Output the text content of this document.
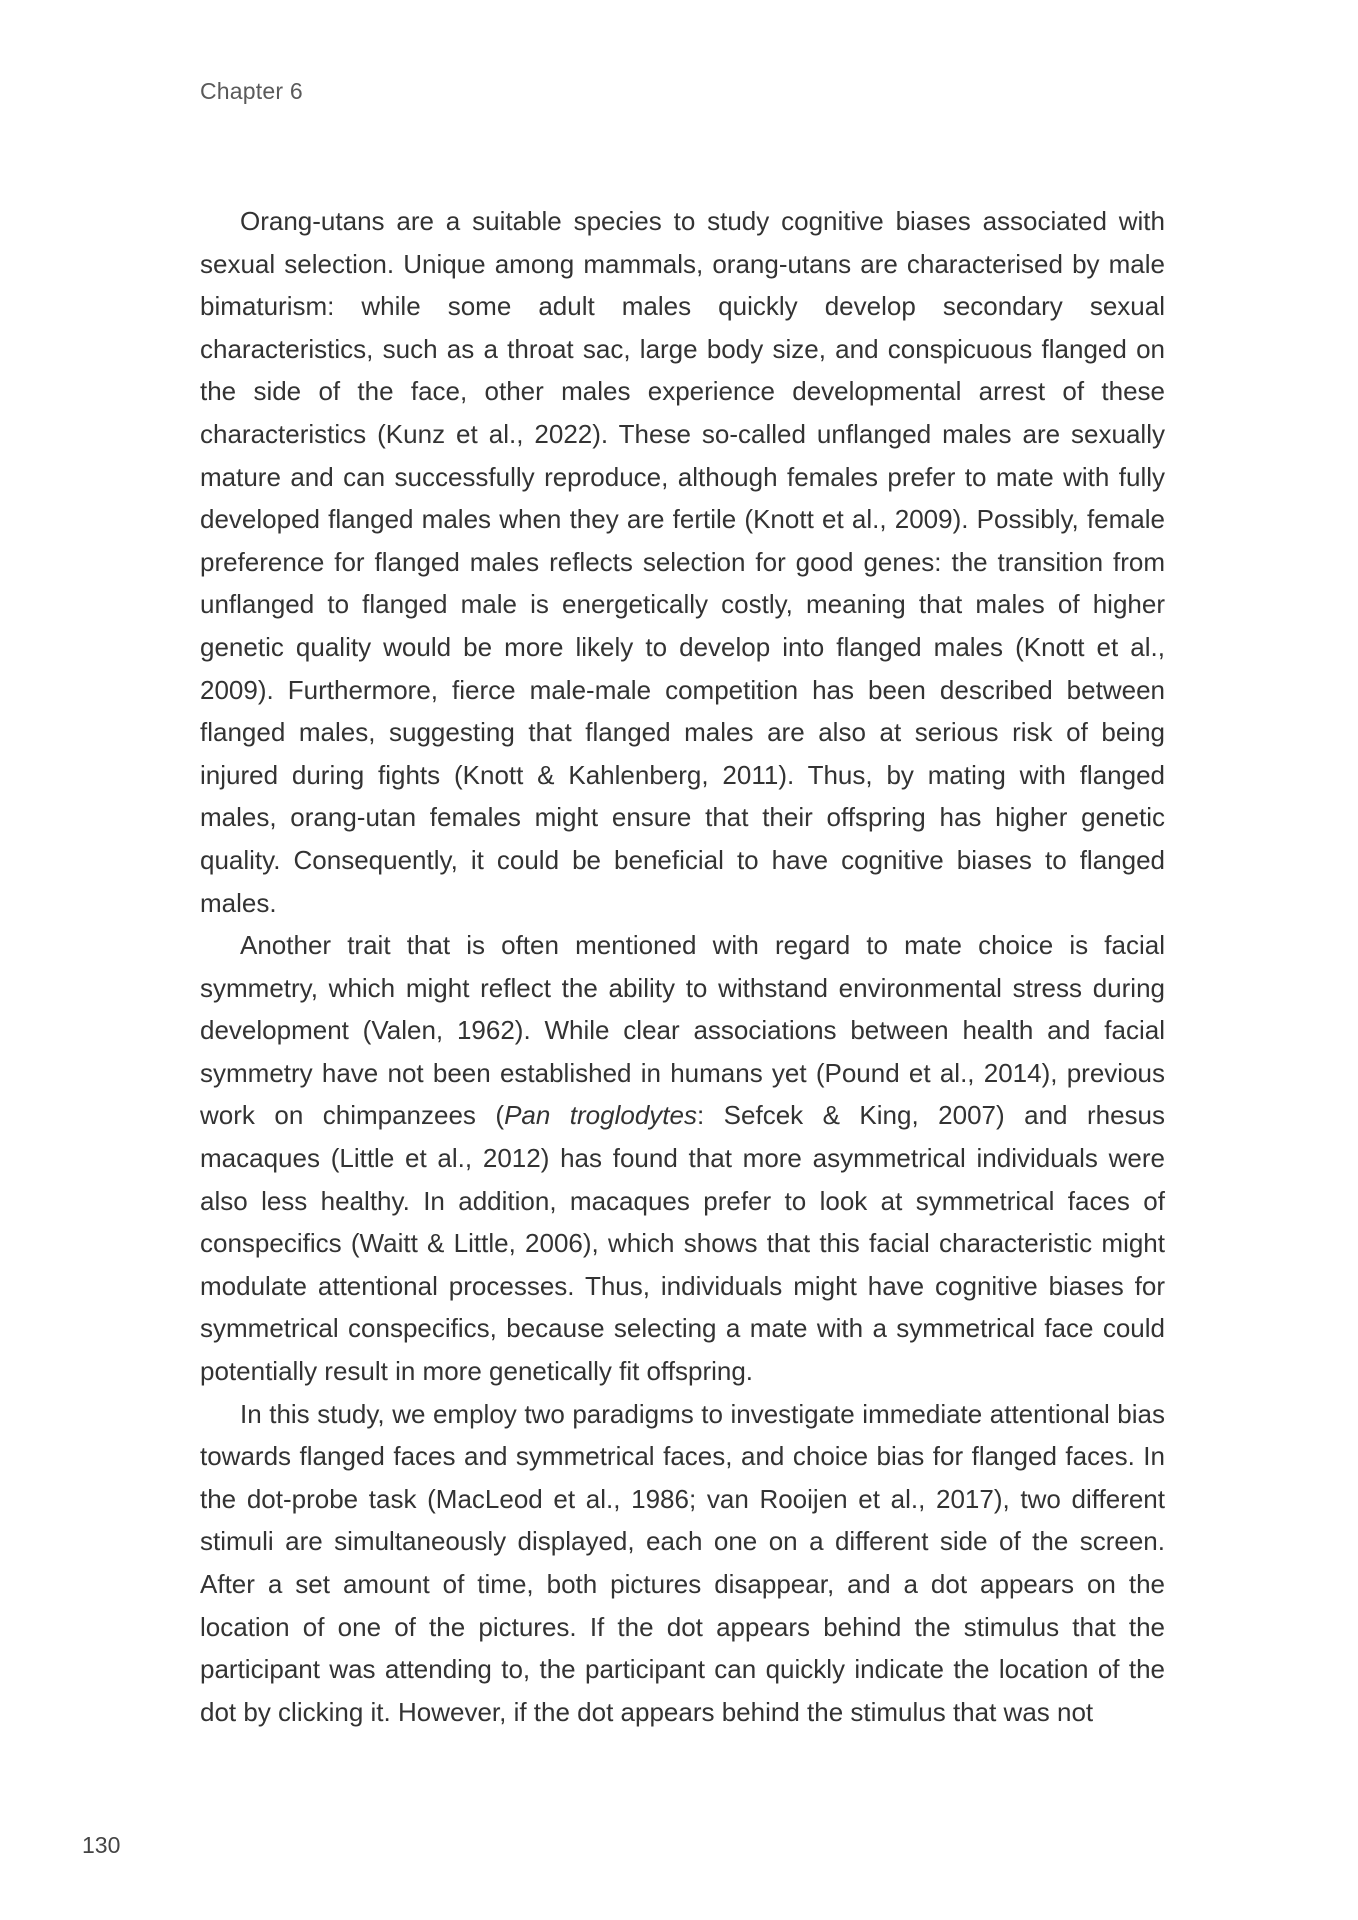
Chapter 6

Orang-utans are a suitable species to study cognitive biases associated with sexual selection. Unique among mammals, orang-utans are characterised by male bimaturism: while some adult males quickly develop secondary sexual characteristics, such as a throat sac, large body size, and conspicuous flanged on the side of the face, other males experience developmental arrest of these characteristics (Kunz et al., 2022). These so-called unflanged males are sexually mature and can successfully reproduce, although females prefer to mate with fully developed flanged males when they are fertile (Knott et al., 2009). Possibly, female preference for flanged males reflects selection for good genes: the transition from unflanged to flanged male is energetically costly, meaning that males of higher genetic quality would be more likely to develop into flanged males (Knott et al., 2009). Furthermore, fierce male-male competition has been described between flanged males, suggesting that flanged males are also at serious risk of being injured during fights (Knott & Kahlenberg, 2011). Thus, by mating with flanged males, orang-utan females might ensure that their offspring has higher genetic quality. Consequently, it could be beneficial to have cognitive biases to flanged males.

Another trait that is often mentioned with regard to mate choice is facial symmetry, which might reflect the ability to withstand environmental stress during development (Valen, 1962). While clear associations between health and facial symmetry have not been established in humans yet (Pound et al., 2014), previous work on chimpanzees (Pan troglodytes: Sefcek & King, 2007) and rhesus macaques (Little et al., 2012) has found that more asymmetrical individuals were also less healthy. In addition, macaques prefer to look at symmetrical faces of conspecifics (Waitt & Little, 2006), which shows that this facial characteristic might modulate attentional processes. Thus, individuals might have cognitive biases for symmetrical conspecifics, because selecting a mate with a symmetrical face could potentially result in more genetically fit offspring.

In this study, we employ two paradigms to investigate immediate attentional bias towards flanged faces and symmetrical faces, and choice bias for flanged faces. In the dot-probe task (MacLeod et al., 1986; van Rooijen et al., 2017), two different stimuli are simultaneously displayed, each one on a different side of the screen. After a set amount of time, both pictures disappear, and a dot appears on the location of one of the pictures. If the dot appears behind the stimulus that the participant was attending to, the participant can quickly indicate the location of the dot by clicking it. However, if the dot appears behind the stimulus that was not

130
